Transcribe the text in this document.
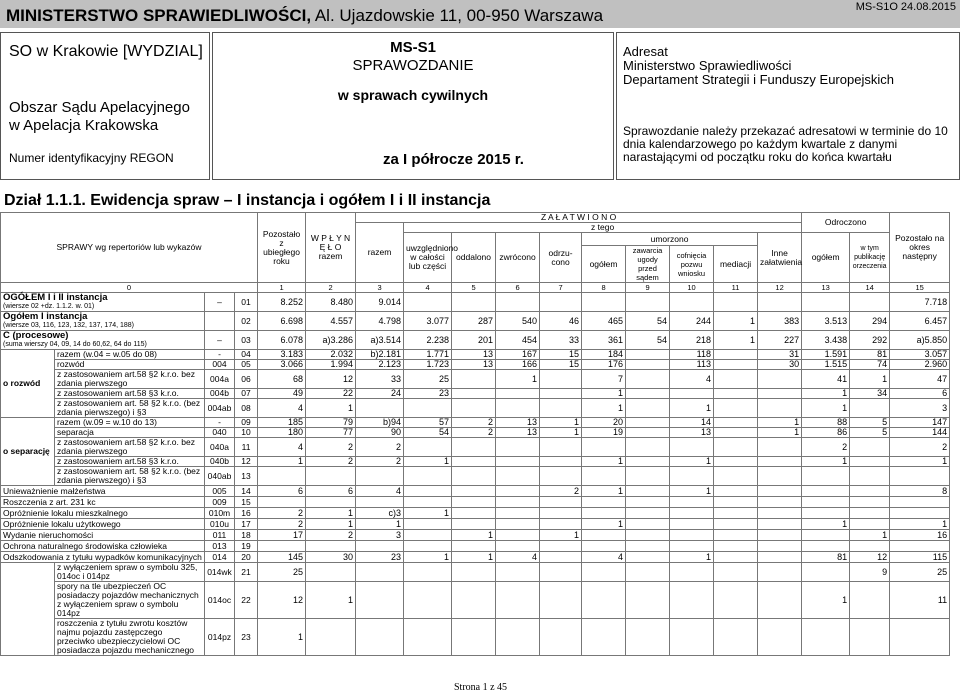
MINISTERSTWO SPRAWIEDLIWOŚCI, Al. Ujazdowskie 11, 00-950 Warszawa	MS-S1O 24.08.2015
SO w Krakowie [WYDZIAL]
Obszar Sądu Apelacyjnego
w Apelacja Krakowska
Numer identyfikacyjny REGON
MS-S1
SPRAWOZDANIE
w sprawach cywilnych
za I półrocze 2015 r.
Adresat
Ministerstwo Sprawiedliwości
Departament Strategii i Funduszy Europejskich
Sprawozdanie należy przekazać adresatowi w terminie do 10 dnia kalendarzowego po każdym kwartale z danymi narastającymi od początku roku do końca kwartału
Dział 1.1.1. Ewidencja spraw – I instancja i ogółem I i II instancja
SPRAWY wg repertoriów lub wykazów				Pozostało z ubiegłego roku	W P Ł Y N Ę Ł O razem	Z A Ł A T W I O N O										Odroczono		Pozostało na okres następny	
						razem	z tego												
							uwzględniono w całości lub części	oddalono	zwrócono	odrzu-cono	umorzono				Inne załatwienia	ogółem	w tym publikację orzeczenia		
											ogółem	zawarcia ugody przed sądem	cofnięcia pozwu wniosku	mediacji					
0				1	2	3	4	5	6	7	8	9	10	11	12	13	14	15	

OGÓŁEM I i II instancja
(wiersze 02 +dz. 1.1.2. w. 01)		–	01	8.252	8.480	9.014												7.718	

Ogółem I instancja
(wiersze 03, 116, 123, 132, 137, 174, 188)			02	6.698	4.557	4.798	3.077	287	540	46	465	54	244	1	383	3.513	294	6.457	

C (procesowe)
(suma wierszy 04, 09, 14 do 60,62, 64 do 115)		–	03	6.078	a)3.286	a)3.514	2.238	201	454	33	361	54	218	1	227	3.438	292	a)5.850	
o rozwód	razem (w.04 = w.05 do 08)	-	04	3.183	2.032	b)2.181	1.771	13	167	15	184		118		31	1.591	81	3.057	
	rozwód	004	05	3.066	1.994	2.123	1.723	13	166	15	176		113		30	1.515	74	2.960	
	z zastosowaniem art.58 §2 k.r.o. bez zdania pierwszego	004a	06	68	12	33	25		1		7		4			41	1	47	
	z zastosowaniem art.58 §3 k.r.o.	004b	07	49	22	24	23				1					1	34	6	
	z zastosowaniem art. 58 §2 k.r.o. (bez zdania pierwszego) i §3	004ab	08	4	1						1		1			1		3	
o separację	razem (w.09 = w.10 do 13)	-	09	185	79	b)94	57	2	13	1	20		14		1	88	5	147	
	separacja	040	10	180	77	90	54	2	13	1	19		13		1	86	5	144	
	z zastosowaniem art.58 §2 k.r.o. bez zdania pierwszego	040a	11	4	2	2										2		2	
	z zastosowaniem art.58 §3 k.r.o.	040b	12	1	2	2	1				1		1			1		1	
	z zastosowaniem art. 58 §2 k.r.o. (bez zdania pierwszego) i §3	040ab	13																
Unieważnienie małżeństwa		005	14	6	6	4				2	1		1					8	
Roszczenia z art. 231 kc		009	15																
Opróżnienie lokalu mieszkalnego		010m	16	2	1	c)3	1												
Opróżnienie lokalu użytkowego		010u	17	2	1	1					1					1		1	
Wydanie nieruchomości		011	18	17	2	3		1		1							1	16	
Ochrona naturalnego środowiska człowieka		013	19																
Odszkodowania z tytułu wypadków komunikacyjnych		014	20	145	30	23	1	1	4		4		1			81	12	115	
	z wyłączeniem spraw o symbolu 325, 014oc i 014pz	014wk	21	25													9	25	
	spory na tle ubezpieczeń OC posiadaczy pojazdów mechanicznych z wyłączeniem spraw o symbolu 014pz	014oc	22	12	1											1		11	
	roszczenia z tytułu zwrotu kosztów najmu pojazdu zastępczego przeciwko ubezpieczycielowi OC posiadacza pojazdu mechanicznego	014pz	23	1															
Strona 1 z 45
